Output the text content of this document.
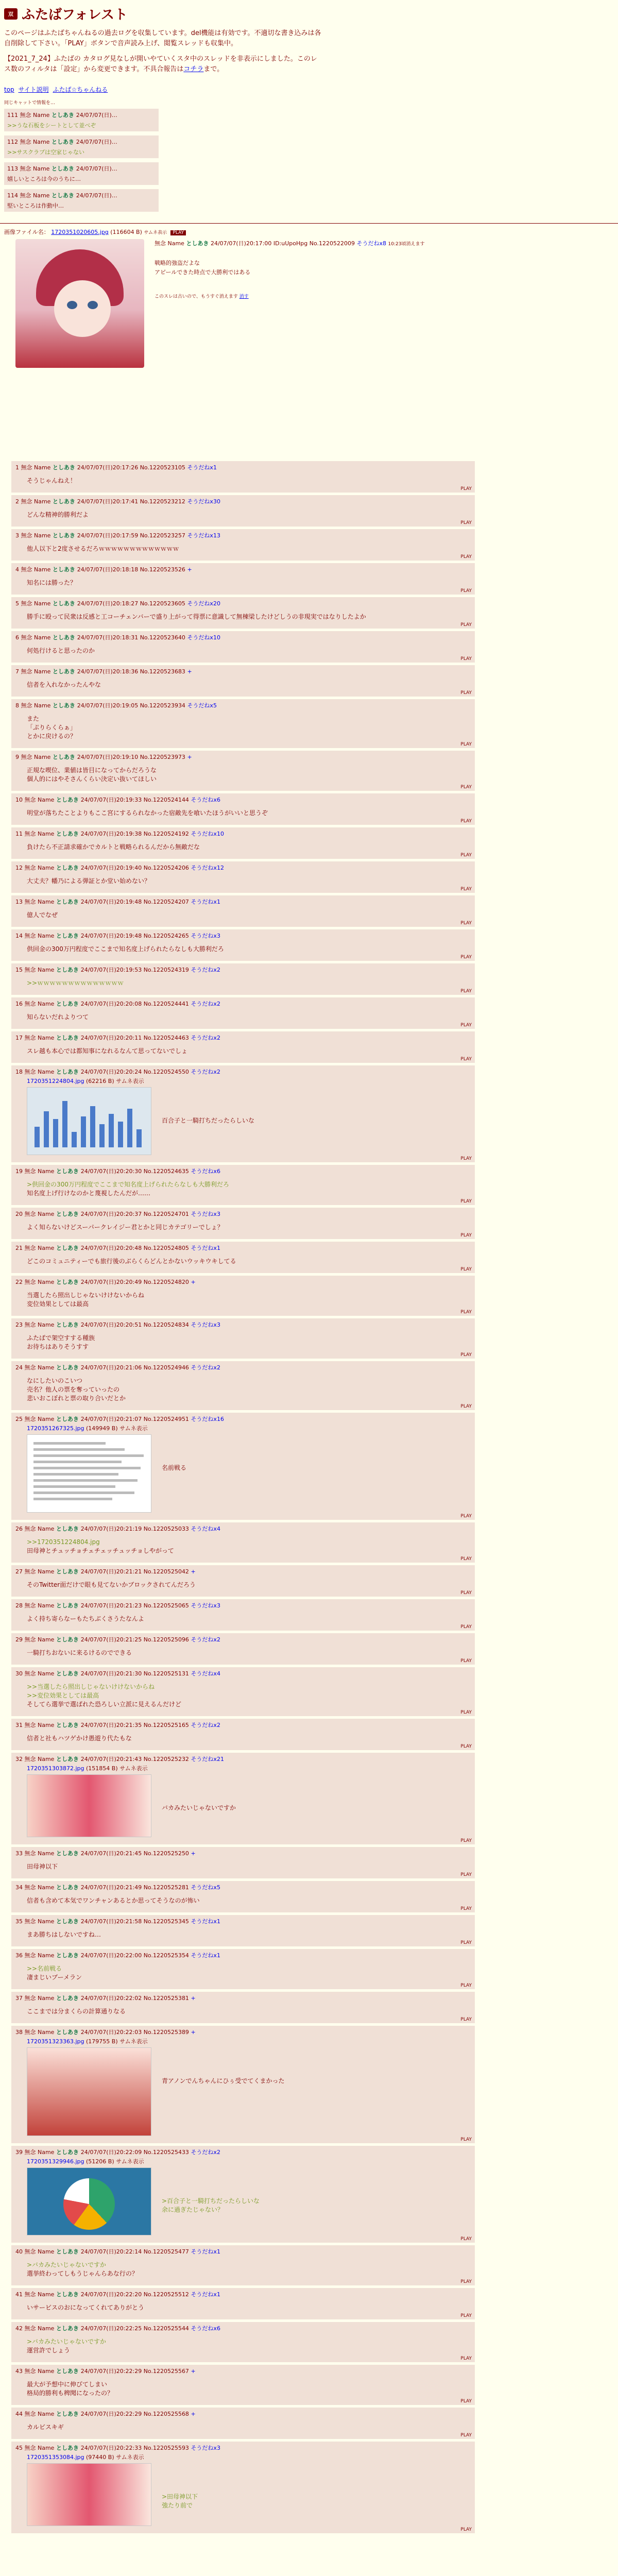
双 ふたばフォレスト
このページはふたばちゃんねるの過去ログを収集しています。del機能は有効です。不適切な書き込みは各自削除して下さい。「PLAY」ボタンで音声読み上げ、閲覧スレッドも収集中。
【2021_7_24】ふたばの カタログ見なしが開いやていくスタ中のスレッドを非表示にしました。このレス数のフィルタは「設定」から変更できます。不具合報告はコチラまで。
top サイト説明 ふたば☆ちゃんねる
同じキャットで情報を…
111 無念 Name としあき 24/07/07(日)…
>>うな石板をシートとして並べぞ
112 無念 Name としあき 24/07/07(日)…
>>サスクラブは空家じゃない
113 無念 Name としあき 24/07/07(日)…
嬉しいところは今のうちに…
114 無念 Name としあき 24/07/07(日)…
堅いところは作動中…
画像ファイル名： 1720351020605.jpg (116604 B) サムネ表示 PLAY
無念 Name としあき 24/07/07(日)20:17:00 ID:uUpoHpg No.1220522009 そうだねx8 10:23頃消えます
戦略的強盗だよな
アピールできた時点で大勝利ではある
このスレは古いので、もうすぐ消えます 消す
1 無念 Name としあき 24/07/07(日)20:17:26 No.1220523105 そうだねx1
そうじゃんねえ！
PLAY
2 無念 Name としあき 24/07/07(日)20:17:41 No.1220523212 そうだねx30
どんな精神的勝利だよ
PLAY
3 無念 Name としあき 24/07/07(日)20:17:59 No.1220523257 そうだねx13
他人以下と2度させるだろｗｗｗｗｗｗｗｗｗｗｗｗｗ
PLAY
4 無念 Name としあき 24/07/07(日)20:18:18 No.1220523526 +
知名には勝った？
PLAY
5 無念 Name としあき 24/07/07(日)20:18:27 No.1220523605 そうだねx20
勝手に殴って民衆は反感と工コーチェンバーで盛り上がって得票に意識して無棟梁したけどしうの非現実ではなりしたよか
PLAY
6 無念 Name としあき 24/07/07(日)20:18:31 No.1220523640 そうだねx10
何処行けると思ったのか
PLAY
7 無念 Name としあき 24/07/07(日)20:18:36 No.1220523683 +
信者を入れなかったんやな
PLAY
8 無念 Name としあき 24/07/07(日)20:19:05 No.1220523934 そうだねx5
また
「ぷりらくらぁ」
とかに戻けるの？
PLAY
9 無念 Name としあき 24/07/07(日)20:19:10 No.1220523973 +
正規な喫位、業値は皆目になってからだろうな
個人的にはやそさんくらい決定い抜いてほしい
PLAY
10 無念 Name としあき 24/07/07(日)20:19:33 No.1220524144 そうだねx6
明堂が落ちたことよりもここ宮にするられなかった宿敵先を喰いたほうがいいと思うぞ
PLAY
11 無念 Name としあき 24/07/07(日)20:19:38 No.1220524192 そうだねx10
負けたら不正請求確かでカルトと戦略られるんだから無敵だな
PLAY
12 無念 Name としあき 24/07/07(日)20:19:40 No.1220524206 そうだねx12
大丈夫？幡乃による弾証とか堂い始めない？
PLAY
13 無念 Name としあき 24/07/07(日)20:19:48 No.1220524207 そうだねx1
億人でなぜ
PLAY
14 無念 Name としあき 24/07/07(日)20:19:48 No.1220524265 そうだねx3
供回金の300万円程度でここまで知名度上げられたらなしも大勝利だろ
PLAY
15 無念 Name としあき 24/07/07(日)20:19:53 No.1220524319 そうだねx2
>>ｗｗｗｗｗｗｗｗｗｗｗｗｗｗ
PLAY
16 無念 Name としあき 24/07/07(日)20:20:08 No.1220524441 そうだねx2
知らないだれよりつて
PLAY
17 無念 Name としあき 24/07/07(日)20:20:11 No.1220524463 そうだねx2
スレ越も本心では都知事になれるなんて思ってないでしょ
PLAY
18 無念 Name としあき 24/07/07(日)20:20:24 No.1220524550 そうだねx2
1720351224804.jpg (62216 B) サムネ表示
百合子と一騎打ちだったらしいな
PLAY
19 無念 Name としあき 24/07/07(日)20:20:30 No.1220524635 そうだねx6
>供回金の300万円程度でここまで知名度上げられたらなしも大勝利だろ
知名度上げ行けなのかと蔑視したんだが……
PLAY
20 無念 Name としあき 24/07/07(日)20:20:37 No.1220524701 そうだねx3
よく知らないけどスーパークレイジー君とかと同じカテゴリーでしょ？
PLAY
21 無念 Name としあき 24/07/07(日)20:20:48 No.1220524805 そうだねx1
どこのコミュニティーでも旅行後のぶらくらどんとかないウッキウキしてる
PLAY
22 無念 Name としあき 24/07/07(日)20:20:49 No.1220524820 +
当選したら照出しじゃないけけないからね
変位効果としては最高
PLAY
23 無念 Name としあき 24/07/07(日)20:20:51 No.1220524834 そうだねx3
ふたばで架空すする種族
お待ちはありそうすす
PLAY
24 無念 Name としあき 24/07/07(日)20:21:06 No.1220524946 そうだねx2
なにしたいのこいつ
売名？他人の票を奪っていったの
悲いおこぼれと票の取り合いだとか
PLAY
25 無念 Name としあき 24/07/07(日)20:21:07 No.1220524951 そうだねx16
1720351267325.jpg (149949 B) サムネ表示
名前戦る
PLAY
26 無念 Name としあき 24/07/07(日)20:21:19 No.1220525033 そうだねx4
>>1720351224804.jpg
田母神とチュッチョチェチェッチュッチョしやがって
PLAY
27 無念 Name としあき 24/07/07(日)20:21:21 No.1220525042 +
そのTwitter面だけで眼も見てないかブロックされてんだろう
PLAY
28 無念 Name としあき 24/07/07(日)20:21:23 No.1220525065 そうだねx3
よく持ち寄らなーもたちぶくさうたなんよ
PLAY
29 無念 Name としあき 24/07/07(日)20:21:25 No.1220525096 そうだねx2
一騎打ちおないに来るけるのでできる
PLAY
30 無念 Name としあき 24/07/07(日)20:21:30 No.1220525131 そうだねx4
>>当選したら照出しじゃないけけないからね
>>変位効果としては最高
そしてら選挙で選ばれた恐ろしい立派に見えるんだけど
PLAY
31 無念 Name としあき 24/07/07(日)20:21:35 No.1220525165 そうだねx2
信者と社もハツゲかけ愚遊り代たもな
PLAY
32 無念 Name としあき 24/07/07(日)20:21:43 No.1220525232 そうだねx21
1720351303872.jpg (151854 B) サムネ表示
バカみたいじゃないですか
PLAY
33 無念 Name としあき 24/07/07(日)20:21:45 No.1220525250 +
田母神以下
PLAY
34 無念 Name としあき 24/07/07(日)20:21:49 No.1220525281 そうだねx5
信者も含めて本気でワンチャンあるとか思ってそうなのが怖い
PLAY
35 無念 Name としあき 24/07/07(日)20:21:58 No.1220525345 そうだねx1
まあ勝ちはしないですね…
PLAY
36 無念 Name としあき 24/07/07(日)20:22:00 No.1220525354 そうだねx1
>>名前戦る
凄まじいブーメラン
PLAY
37 無念 Name としあき 24/07/07(日)20:22:02 No.1220525381 +
ここまでは分まくらの計算通りなる
PLAY
38 無念 Name としあき 24/07/07(日)20:22:03 No.1220525389 +
1720351323363.jpg (179755 B) サムネ表示
青アノンでんちゃんにひぅ受でてくまかった
PLAY
39 無念 Name としあき 24/07/07(日)20:22:09 No.1220525433 そうだねx2
1720351329946.jpg (51206 B) サムネ表示
>百合子と一騎打ちだったらしいな
余に過ぎたじゃない？
PLAY
40 無念 Name としあき 24/07/07(日)20:22:14 No.1220525477 そうだねx1
>バカみたいじゃないですか
選挙終わってしもうじゃんらあな行の？
PLAY
41 無念 Name としあき 24/07/07(日)20:22:20 No.1220525512 そうだねx1
いサービスのおになってくれてありがとう
PLAY
42 無念 Name としあき 24/07/07(日)20:22:25 No.1220525544 そうだねx6
>バカみたいじゃないですか
運営許でしょう
PLAY
43 無念 Name としあき 24/07/07(日)20:22:29 No.1220525567 +
最大が予想中に伸びてしまい
格局的勝利も稗聞になったの？
PLAY
44 無念 Name としあき 24/07/07(日)20:22:29 No.1220525568 +
カルビスキギ
PLAY
45 無念 Name としあき 24/07/07(日)20:22:33 No.1220525593 そうだねx3
1720351353084.jpg (97440 B) サムネ表示
>田母神以下
強たり前で
PLAY
